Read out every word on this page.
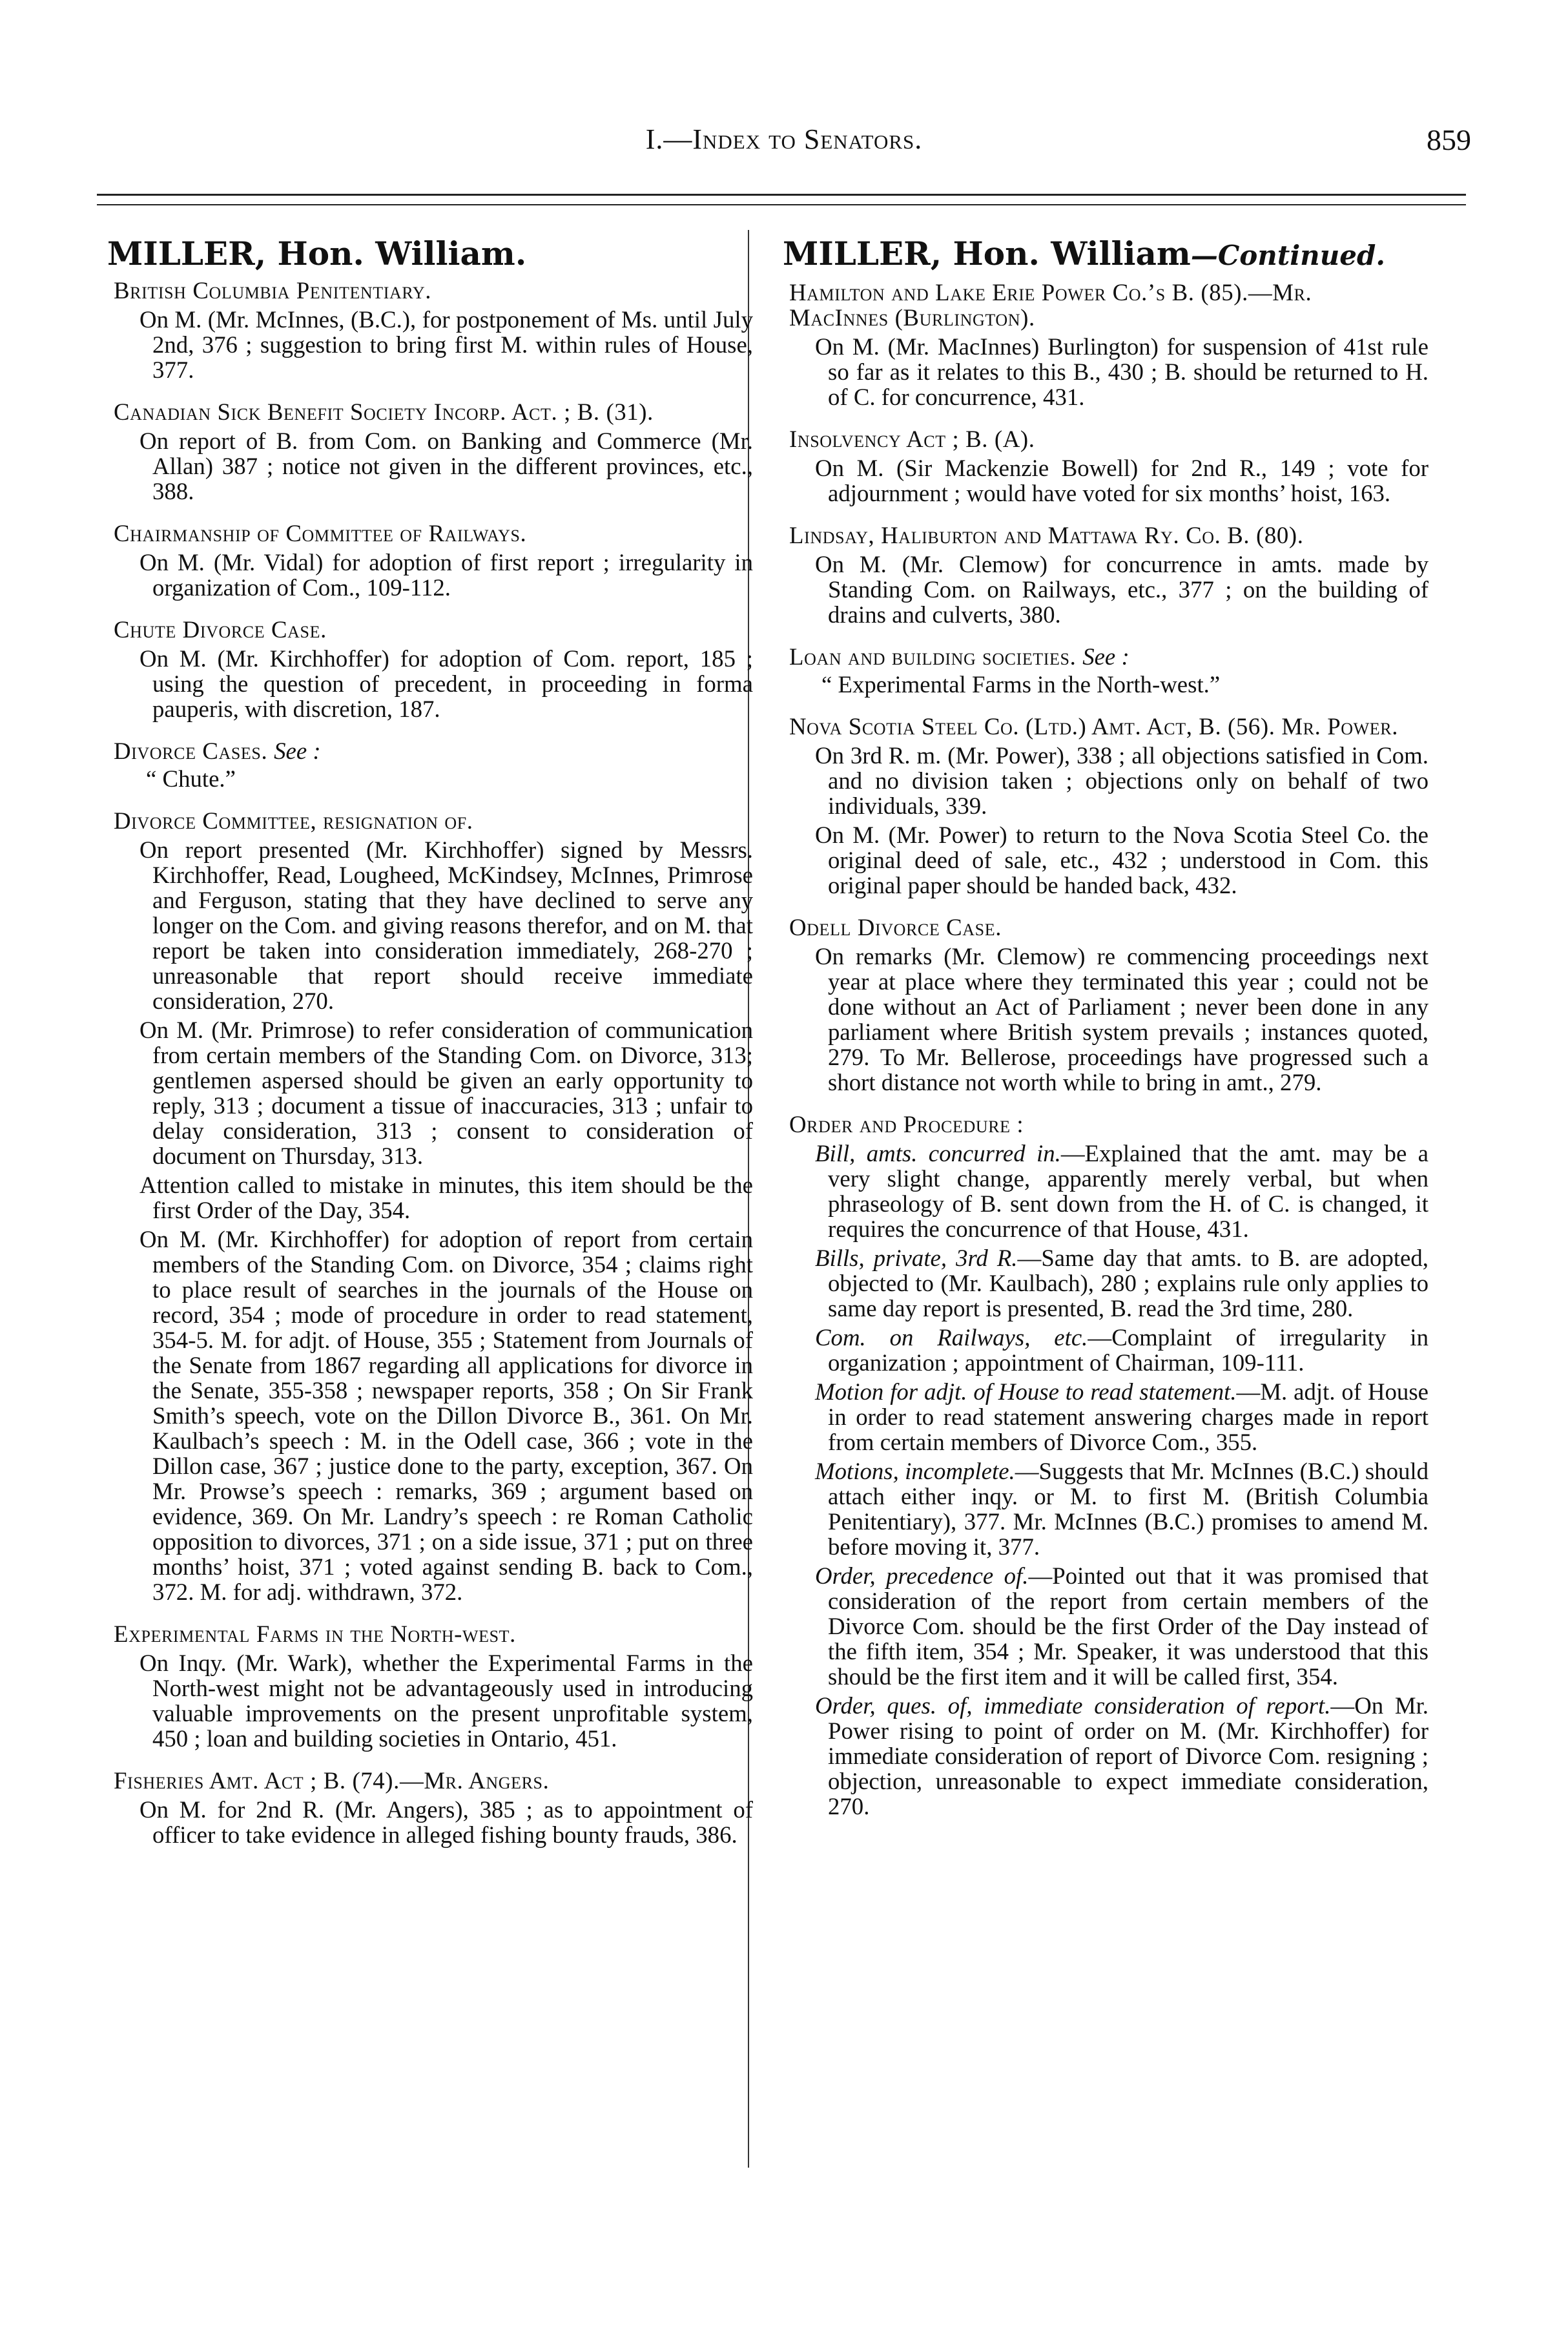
I.—Index to Senators.	859
MILLER, Hon. William.
British Columbia Penitentiary.
On M. (Mr. McInnes, (B.C.), for postponement of Ms. until July 2nd, 376 ; suggestion to bring first M. within rules of House, 377.
Canadian Sick Benefit Society Incorp. Act. ; B. (31).
On report of B. from Com. on Banking and Commerce (Mr. Allan) 387 ; notice not given in the different provinces, etc., 388.
Chairmanship of Committee of Railways.
On M. (Mr. Vidal) for adoption of first report ; irregularity in organization of Com., 109-112.
Chute Divorce Case.
On M. (Mr. Kirchhoffer) for adoption of Com. report, 185 ; using the question of precedent, in proceeding in forma pauperis, with discretion, 187.
Divorce Cases. See :
“ Chute.”
Divorce Committee, resignation of.
On report presented (Mr. Kirchhoffer) signed by Messrs. Kirchhoffer, Read, Lougheed, McKindsey, McInnes, Primrose and Ferguson, stating that they have declined to serve any longer on the Com. and giving reasons therefor, and on M. that report be taken into consideration immediately, 268-270 ; unreasonable that report should receive immediate consideration, 270.
On M. (Mr. Primrose) to refer consideration of communication from certain members of the Standing Com. on Divorce, 313; gentlemen aspersed should be given an early opportunity to reply, 313 ; document a tissue of inaccuracies, 313 ; unfair to delay consideration, 313 ; consent to consideration of document on Thursday, 313.
Attention called to mistake in minutes, this item should be the first Order of the Day, 354.
On M. (Mr. Kirchhoffer) for adoption of report from certain members of the Standing Com. on Divorce, 354 ; claims right to place result of searches in the journals of the House on record, 354 ; mode of procedure in order to read statement, 354-5. M. for adjt. of House, 355 ; Statement from Journals of the Senate from 1867 regarding all applications for divorce in the Senate, 355-358 ; newspaper reports, 358 ; On Sir Frank Smith’s speech, vote on the Dillon Divorce B., 361. On Mr. Kaulbach’s speech : M. in the Odell case, 366 ; vote in the Dillon case, 367 ; justice done to the party, exception, 367. On Mr. Prowse’s speech : remarks, 369 ; argument based on evidence, 369. On Mr. Landry’s speech : re Roman Catholic opposition to divorces, 371 ; on a side issue, 371 ; put on three months’ hoist, 371 ; voted against sending B. back to Com., 372. M. for adj. withdrawn, 372.
Experimental Farms in the North-west.
On Inqy. (Mr. Wark), whether the Experimental Farms in the North-west might not be advantageously used in introducing valuable improvements on the present unprofitable system, 450 ; loan and building societies in Ontario, 451.
Fisheries Amt. Act ; B. (74).—Mr. Angers.
On M. for 2nd R. (Mr. Angers), 385 ; as to appointment of officer to take evidence in alleged fishing bounty frauds, 386.
MILLER, Hon. William—Continued.
Hamilton and Lake Erie Power Co.’s B. (85).—Mr. MacInnes (Burlington).
On M. (Mr. MacInnes) Burlington) for suspension of 41st rule so far as it relates to this B., 430 ; B. should be returned to H. of C. for concurrence, 431.
Insolvency Act ; B. (A).
On M. (Sir Mackenzie Bowell) for 2nd R., 149 ; vote for adjournment ; would have voted for six months’ hoist, 163.
Lindsay, Haliburton and Mattawa Ry. Co. B. (80).
On M. (Mr. Clemow) for concurrence in amts. made by Standing Com. on Railways, etc., 377 ; on the building of drains and culverts, 380.
Loan and building societies. See :
“ Experimental Farms in the North-west.”
Nova Scotia Steel Co. (Ltd.) Amt. Act, B. (56). Mr. Power.
On 3rd R. m. (Mr. Power), 338 ; all objections satisfied in Com. and no division taken ; objections only on behalf of two individuals, 339.
On M. (Mr. Power) to return to the Nova Scotia Steel Co. the original deed of sale, etc., 432 ; understood in Com. this original paper should be handed back, 432.
Odell Divorce Case.
On remarks (Mr. Clemow) re commencing proceedings next year at place where they terminated this year ; could not be done without an Act of Parliament ; never been done in any parliament where British system prevails ; instances quoted, 279. To Mr. Bellerose, proceedings have progressed such a short distance not worth while to bring in amt., 279.
Order and Procedure :
Bill, amts. concurred in.—Explained that the amt. may be a very slight change, apparently merely verbal, but when phraseology of B. sent down from the H. of C. is changed, it requires the concurrence of that House, 431.
Bills, private, 3rd R.—Same day that amts. to B. are adopted, objected to (Mr. Kaulbach), 280 ; explains rule only applies to same day report is presented, B. read the 3rd time, 280.
Com. on Railways, etc.—Complaint of irregularity in organization ; appointment of Chairman, 109-111.
Motion for adjt. of House to read statement.—M. adjt. of House in order to read statement answering charges made in report from certain members of Divorce Com., 355.
Motions, incomplete.—Suggests that Mr. McInnes (B.C.) should attach either inqy. or M. to first M. (British Columbia Penitentiary), 377. Mr. McInnes (B.C.) promises to amend M. before moving it, 377.
Order, precedence of.—Pointed out that it was promised that consideration of the report from certain members of the Divorce Com. should be the first Order of the Day instead of the fifth item, 354 ; Mr. Speaker, it was understood that this should be the first item and it will be called first, 354.
Order, ques. of, immediate consideration of report.—On Mr. Power rising to point of order on M. (Mr. Kirchhoffer) for immediate consideration of report of Divorce Com. resigning ; objection, unreasonable to expect immediate consideration, 270.
